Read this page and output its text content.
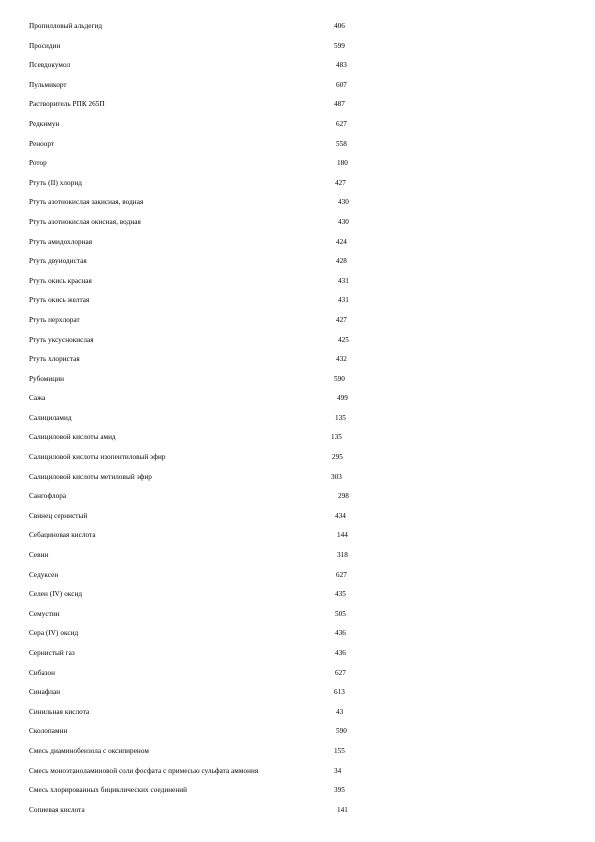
Пропилловый альдегид	406
Просидин	599
Псевдокумол	483
Пульмикорт	607
Растворитель РПК 265П	487
Редкимун	627
Реноорт	558
Ротор	180
Ртуть (II) хлорид	427
Ртуть азотнокислая закисная, водная	430
Ртуть азотнокислая окисная, водная	430
Ртуть амидохлорная	424
Ртуть двуиодистая	428
Ртуть окись красная	431
Ртуть окись желтая	431
Ртуть перхлорат	427
Ртуть уксуснокислая	425
Ртуть хлористая	432
Рубомицин	590
Сажа	499
Салициламид	135
Салициловой кислоты амид	135
Салициловой кислоты изопентиловый эфир	295
Салициловой кислоты метиловый эфир	303
Сангофлора	298
Свинец сернистый	434
Себациновая кислота	144
Севин	318
Седуксен	627
Селен (IV) оксид	435
Семустин	505
Сера (IV) оксид	436
Сернистый газ	436
Сибазон	627
Синафлан	613
Синильная кислота	43
Сколопамин	590
Смесь диаминобензола с оксипиреном	155
Смесь моноэтаноламиновой соли фосфата с примесью сульфата аммония	34
Смесь хлорированных бициклических соединений	395
Сопиевая кислота	141
